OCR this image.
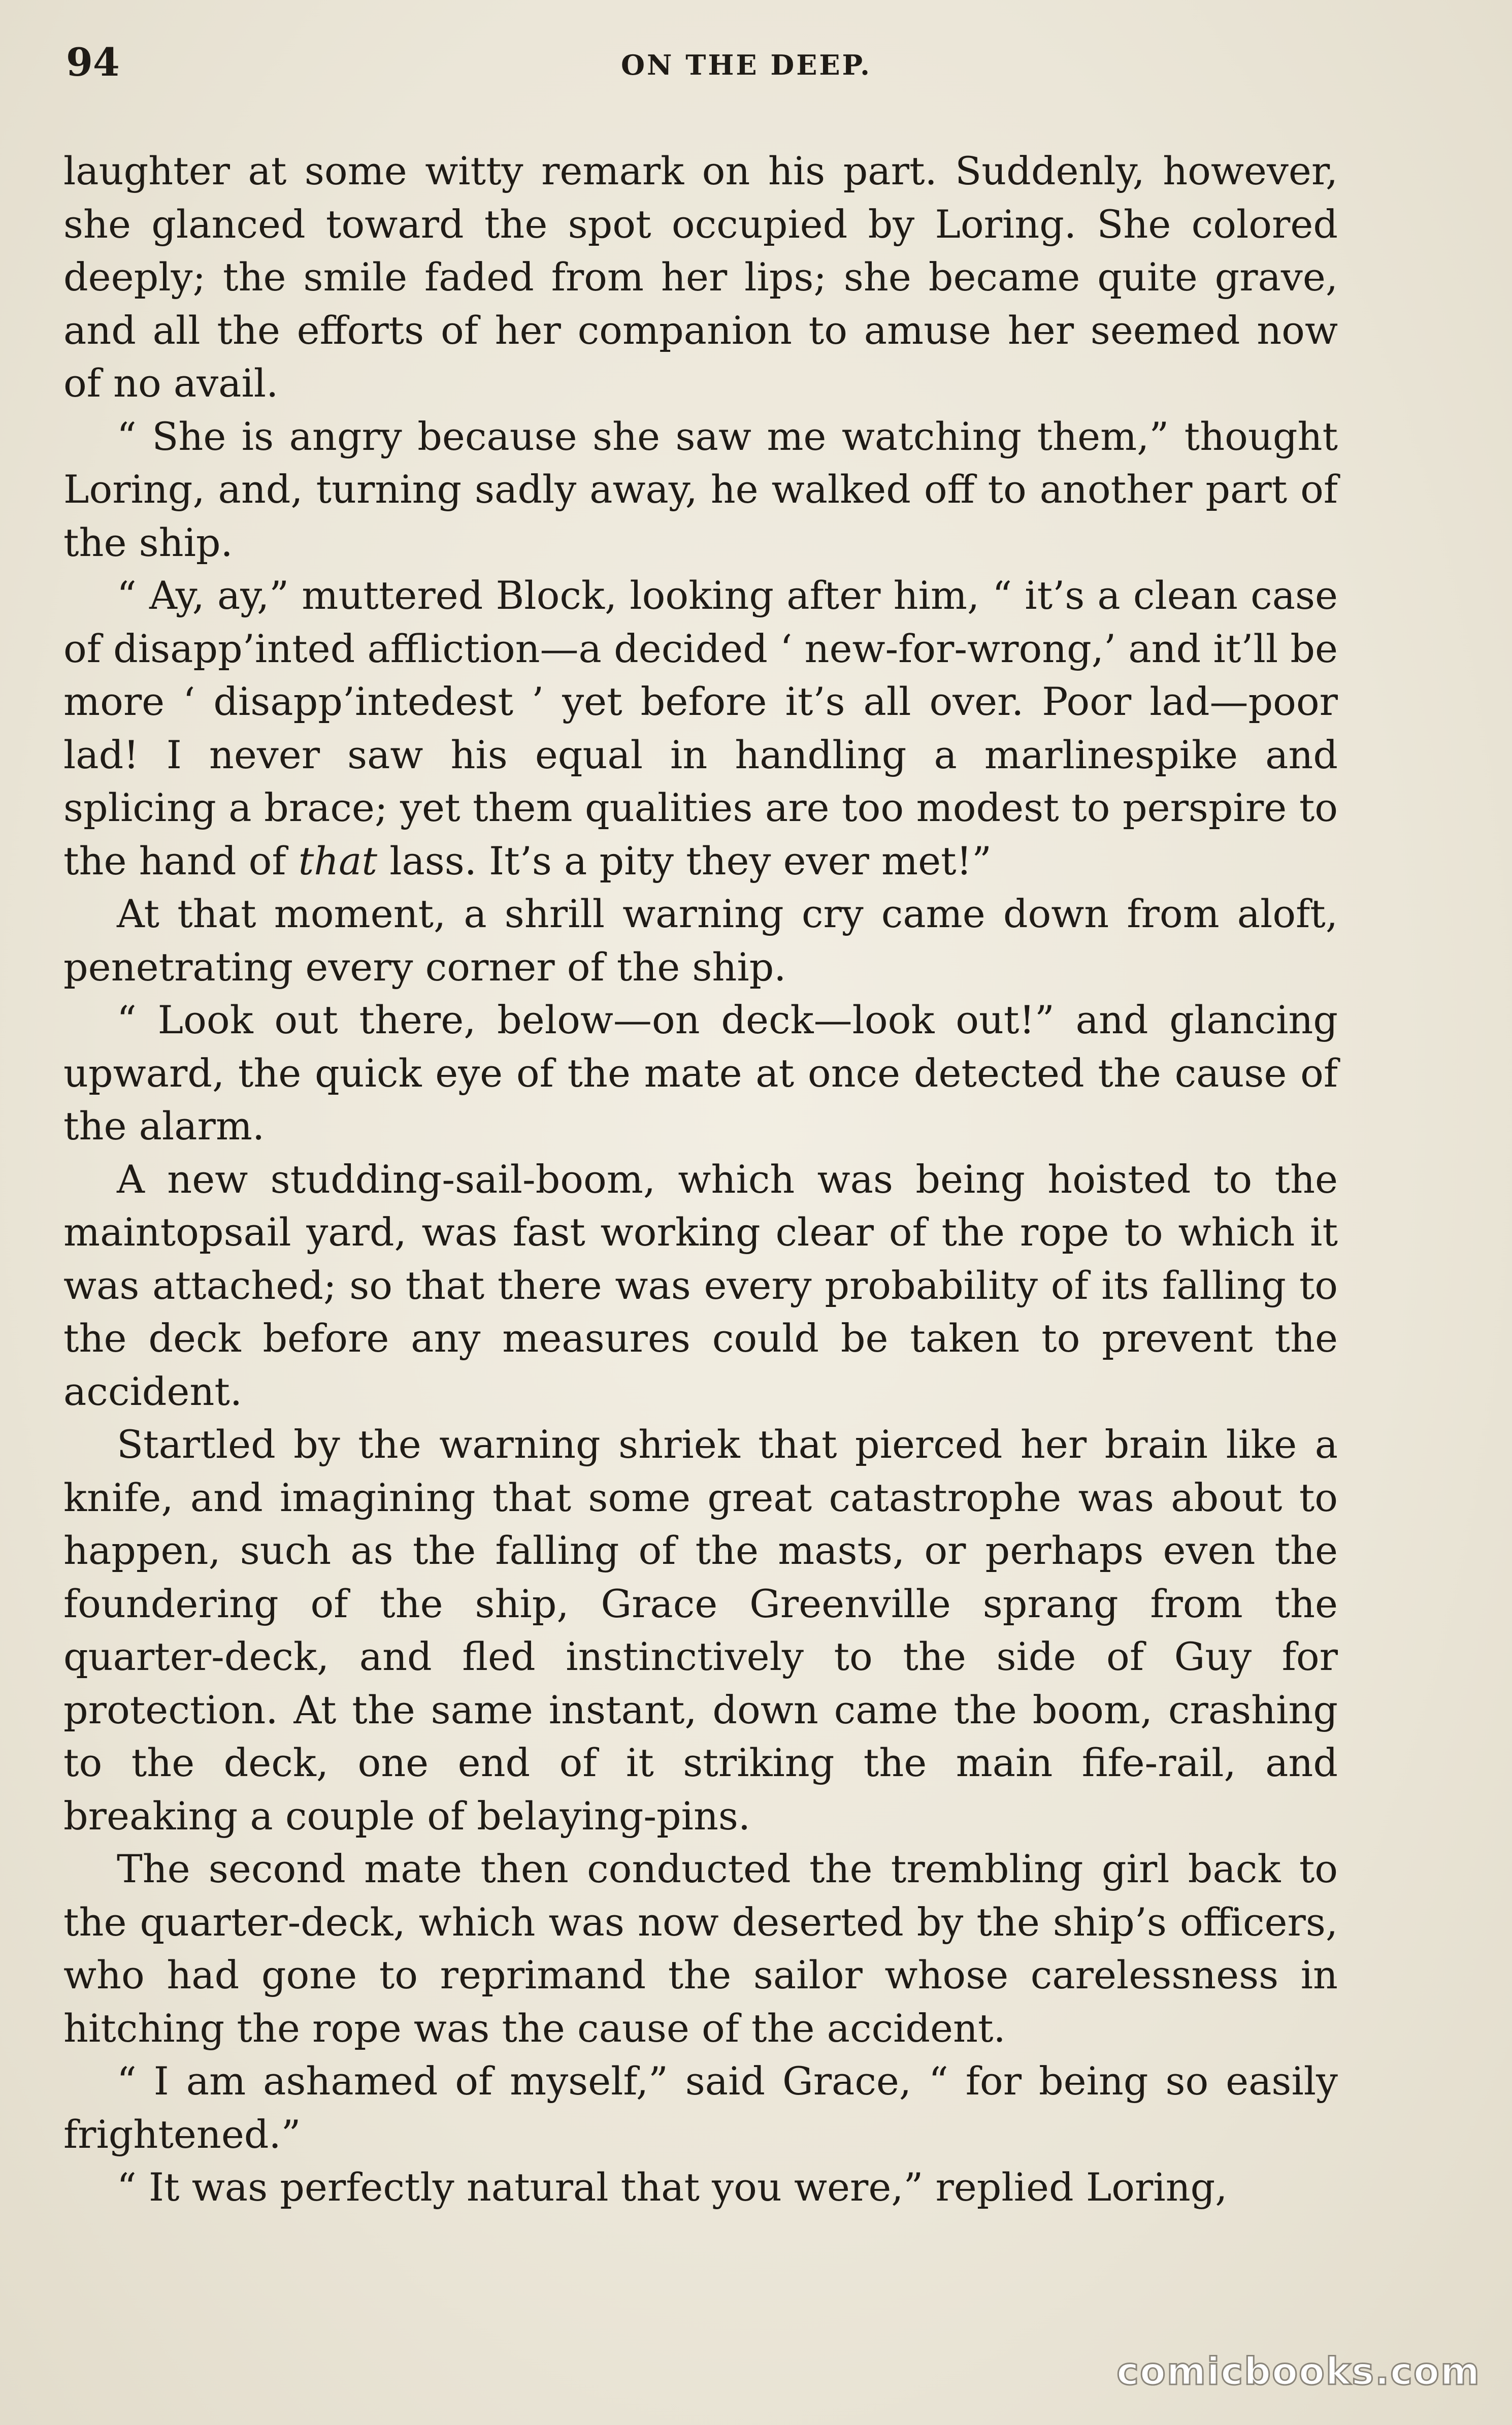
94	ON THE DEEP.

laughter at some witty remark on his part. Suddenly, however, she glanced toward the spot occupied by Loring. She colored deeply; the smile faded from her lips; she became quite grave, and all the efforts of her companion to amuse her seemed now of no avail.

“ She is angry because she saw me watching them,” thought Loring, and, turning sadly away, he walked off to another part of the ship.

“ Ay, ay,” muttered Block, looking after him, “ it’s a clean case of disapp’inted affliction—a decided ‘ new-for-wrong,’ and it’ll be more ‘ disapp’intedest ’ yet before it’s all over. Poor lad—poor lad! I never saw his equal in handling a marlinespike and splicing a brace; yet them qualities are too modest to perspire to the hand of that lass. It’s a pity they ever met!”

At that moment, a shrill warning cry came down from aloft, penetrating every corner of the ship.

“ Look out there, below—on deck—look out!” and glancing upward, the quick eye of the mate at once detected the cause of the alarm.

A new studding-sail-boom, which was being hoisted to the maintopsail yard, was fast working clear of the rope to which it was attached; so that there was every probability of its falling to the deck before any measures could be taken to prevent the accident.

Startled by the warning shriek that pierced her brain like a knife, and imagining that some great catastrophe was about to happen, such as the falling of the masts, or perhaps even the foundering of the ship, Grace Greenville sprang from the quarter-deck, and fled instinctively to the side of Guy for protection. At the same instant, down came the boom, crashing to the deck, one end of it striking the main fife-rail, and breaking a couple of belaying-pins.

The second mate then conducted the trembling girl back to the quarter-deck, which was now deserted by the ship’s officers, who had gone to reprimand the sailor whose carelessness in hitching the rope was the cause of the accident.

“ I am ashamed of myself,” said Grace, “ for being so easily frightened.”

“ It was perfectly natural that you were,” replied Loring,

comicbooks.com
